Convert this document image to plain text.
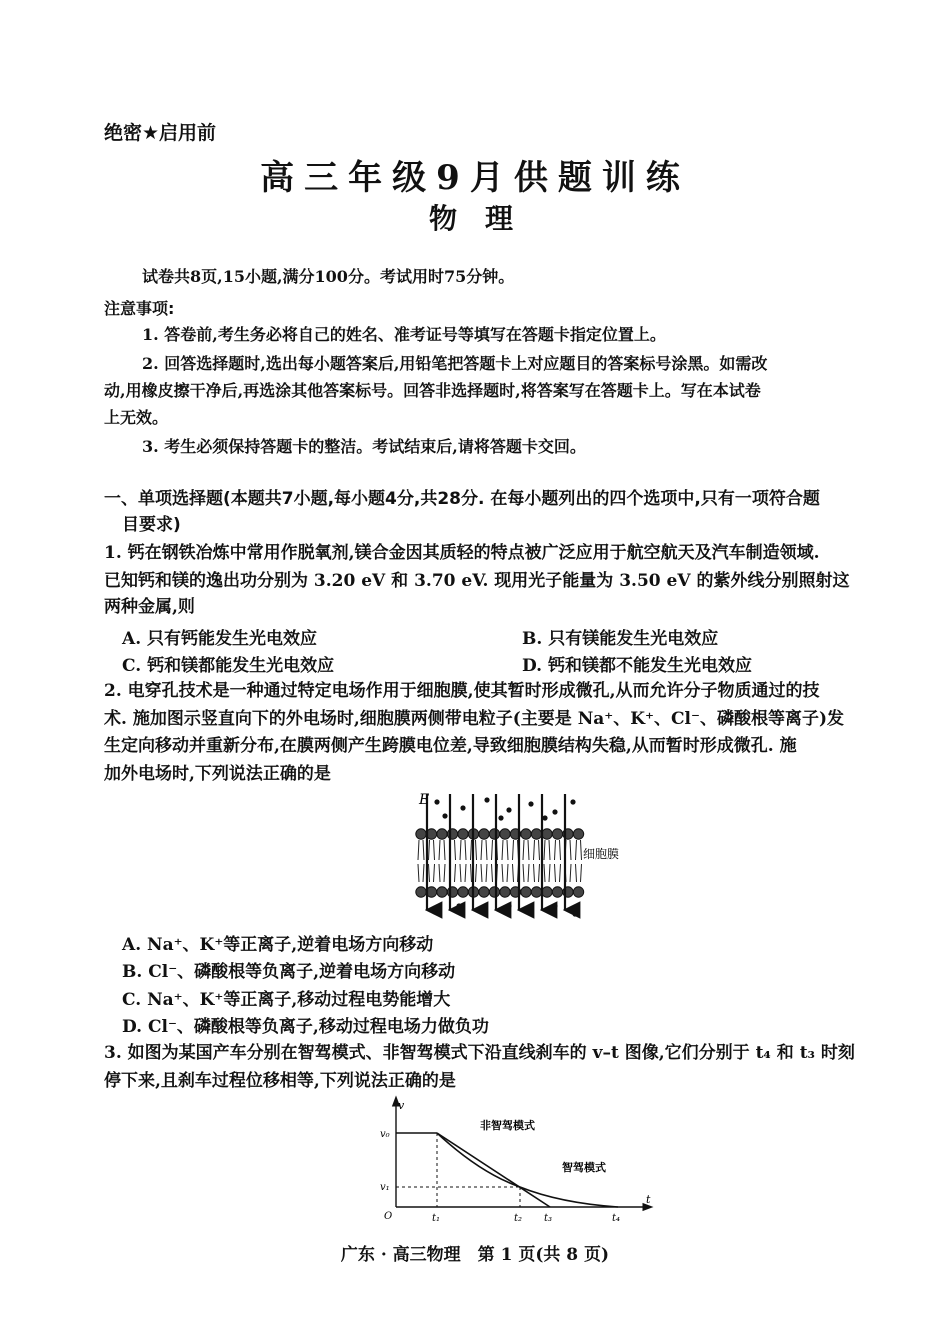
绝密★启用前
高三年级9月供题训练
物理
试卷共8页,15小题,满分100分。考试用时75分钟。
注意事项:
1. 答卷前,考生务必将自己的姓名、准考证号等填写在答题卡指定位置上。
2. 回答选择题时,选出每小题答案后,用铅笔把答题卡上对应题目的答案标号涂黑。如需改
动,用橡皮擦干净后,再选涂其他答案标号。回答非选择题时,将答案写在答题卡上。写在本试卷
上无效。
3. 考生必须保持答题卡的整洁。考试结束后,请将答题卡交回。
一、单项选择题(本题共7小题,每小题4分,共28分. 在每小题列出的四个选项中,只有一项符合题
目要求)
1. 钙在钢铁冶炼中常用作脱氧剂,镁合金因其质轻的特点被广泛应用于航空航天及汽车制造领域.
已知钙和镁的逸出功分别为 3.20 eV 和 3.70 eV. 现用光子能量为 3.50 eV 的紫外线分别照射这
两种金属,则
A. 只有钙能发生光电效应	B. 只有镁能发生光电效应
C. 钙和镁都能发生光电效应	D. 钙和镁都不能发生光电效应
2. 电穿孔技术是一种通过特定电场作用于细胞膜,使其暂时形成微孔,从而允许分子物质通过的技
术. 施加图示竖直向下的外电场时,细胞膜两侧带电粒子(主要是 Na⁺、K⁺、Cl⁻、磷酸根等离子)发
生定向移动并重新分布,在膜两侧产生跨膜电位差,导致细胞膜结构失稳,从而暂时形成微孔. 施
加外电场时,下列说法正确的是
E
细胞膜
A. Na⁺、K⁺等正离子,逆着电场方向移动
B. Cl⁻、磷酸根等负离子,逆着电场方向移动
C. Na⁺、K⁺等正离子,移动过程电势能增大
D. Cl⁻、磷酸根等负离子,移动过程电场力做负功
3. 如图为某国产车分别在智驾模式、非智驾模式下沿直线刹车的 v–t 图像,它们分别于 t₄ 和 t₃ 时刻
停下来,且刹车过程位移相等,下列说法正确的是
v
t
O
v₀
v₁
t₁	t₂ t₃	t₄
非智驾模式
智驾模式
广东 · 高三物理　第 1 页(共 8 页)
